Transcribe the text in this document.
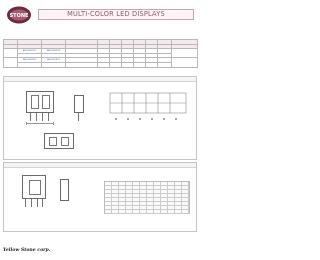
STONE	MULTI-COLOR LED DISPLAYS

	BA-5G5UD-D	BA-5G5UD-B								

	BA-5G5UD-E	BA-5G5UD-F								

Yellow Stone corp.
